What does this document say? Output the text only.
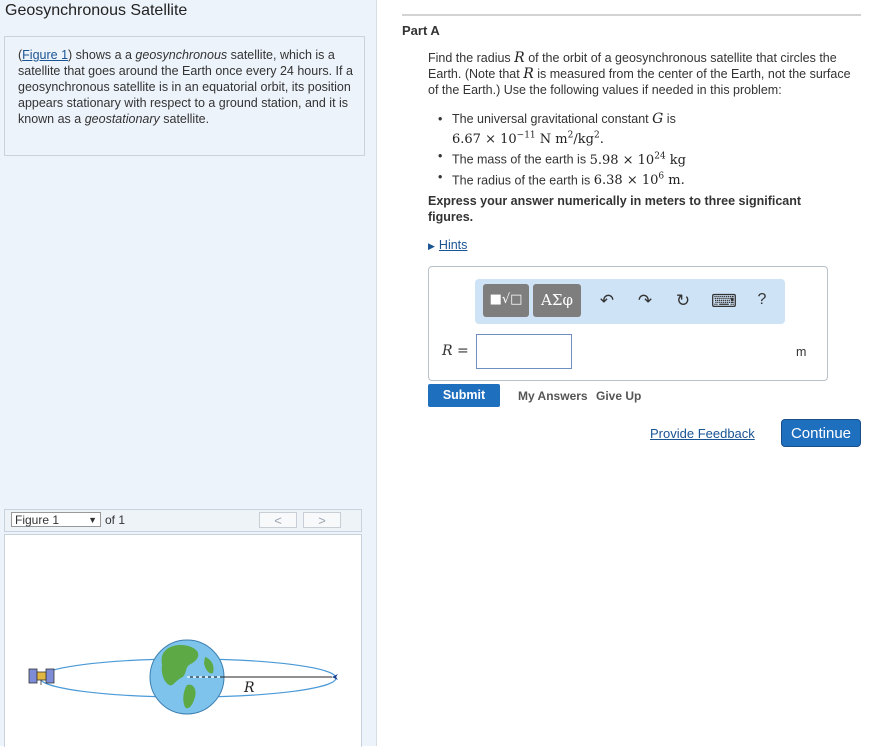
Geosynchronous Satellite
(Figure 1) shows a a geosynchronous satellite, which is a satellite that goes around the Earth once every 24 hours. If a geosynchronous satellite is in an equatorial orbit, its position appears stationary with respect to a ground station, and it is known as a geostationary satellite.
Figure 1	▼ of 1	<	>
R
Part A
Find the radius R of the orbit of a geosynchronous satellite that circles the Earth. (Note that R is measured from the center of the Earth, not the surface of the Earth.) Use the following values if needed in this problem:
• The universal gravitational constant G is
$6.67 \times 10^{-11}$ N $m^2/kg^2$.
• The mass of the earth is $5.98 \times 10^{24}$ kg
• The radius of the earth is $6.38 \times 10^6$ m.
Express your answer numerically in meters to three significant figures.
▶ Hints
■√□	ΑΣφ	↶ ↷ ↻ ⌨	?
R =	m
Submit	My Answers Give Up
Provide Feedback	Continue
